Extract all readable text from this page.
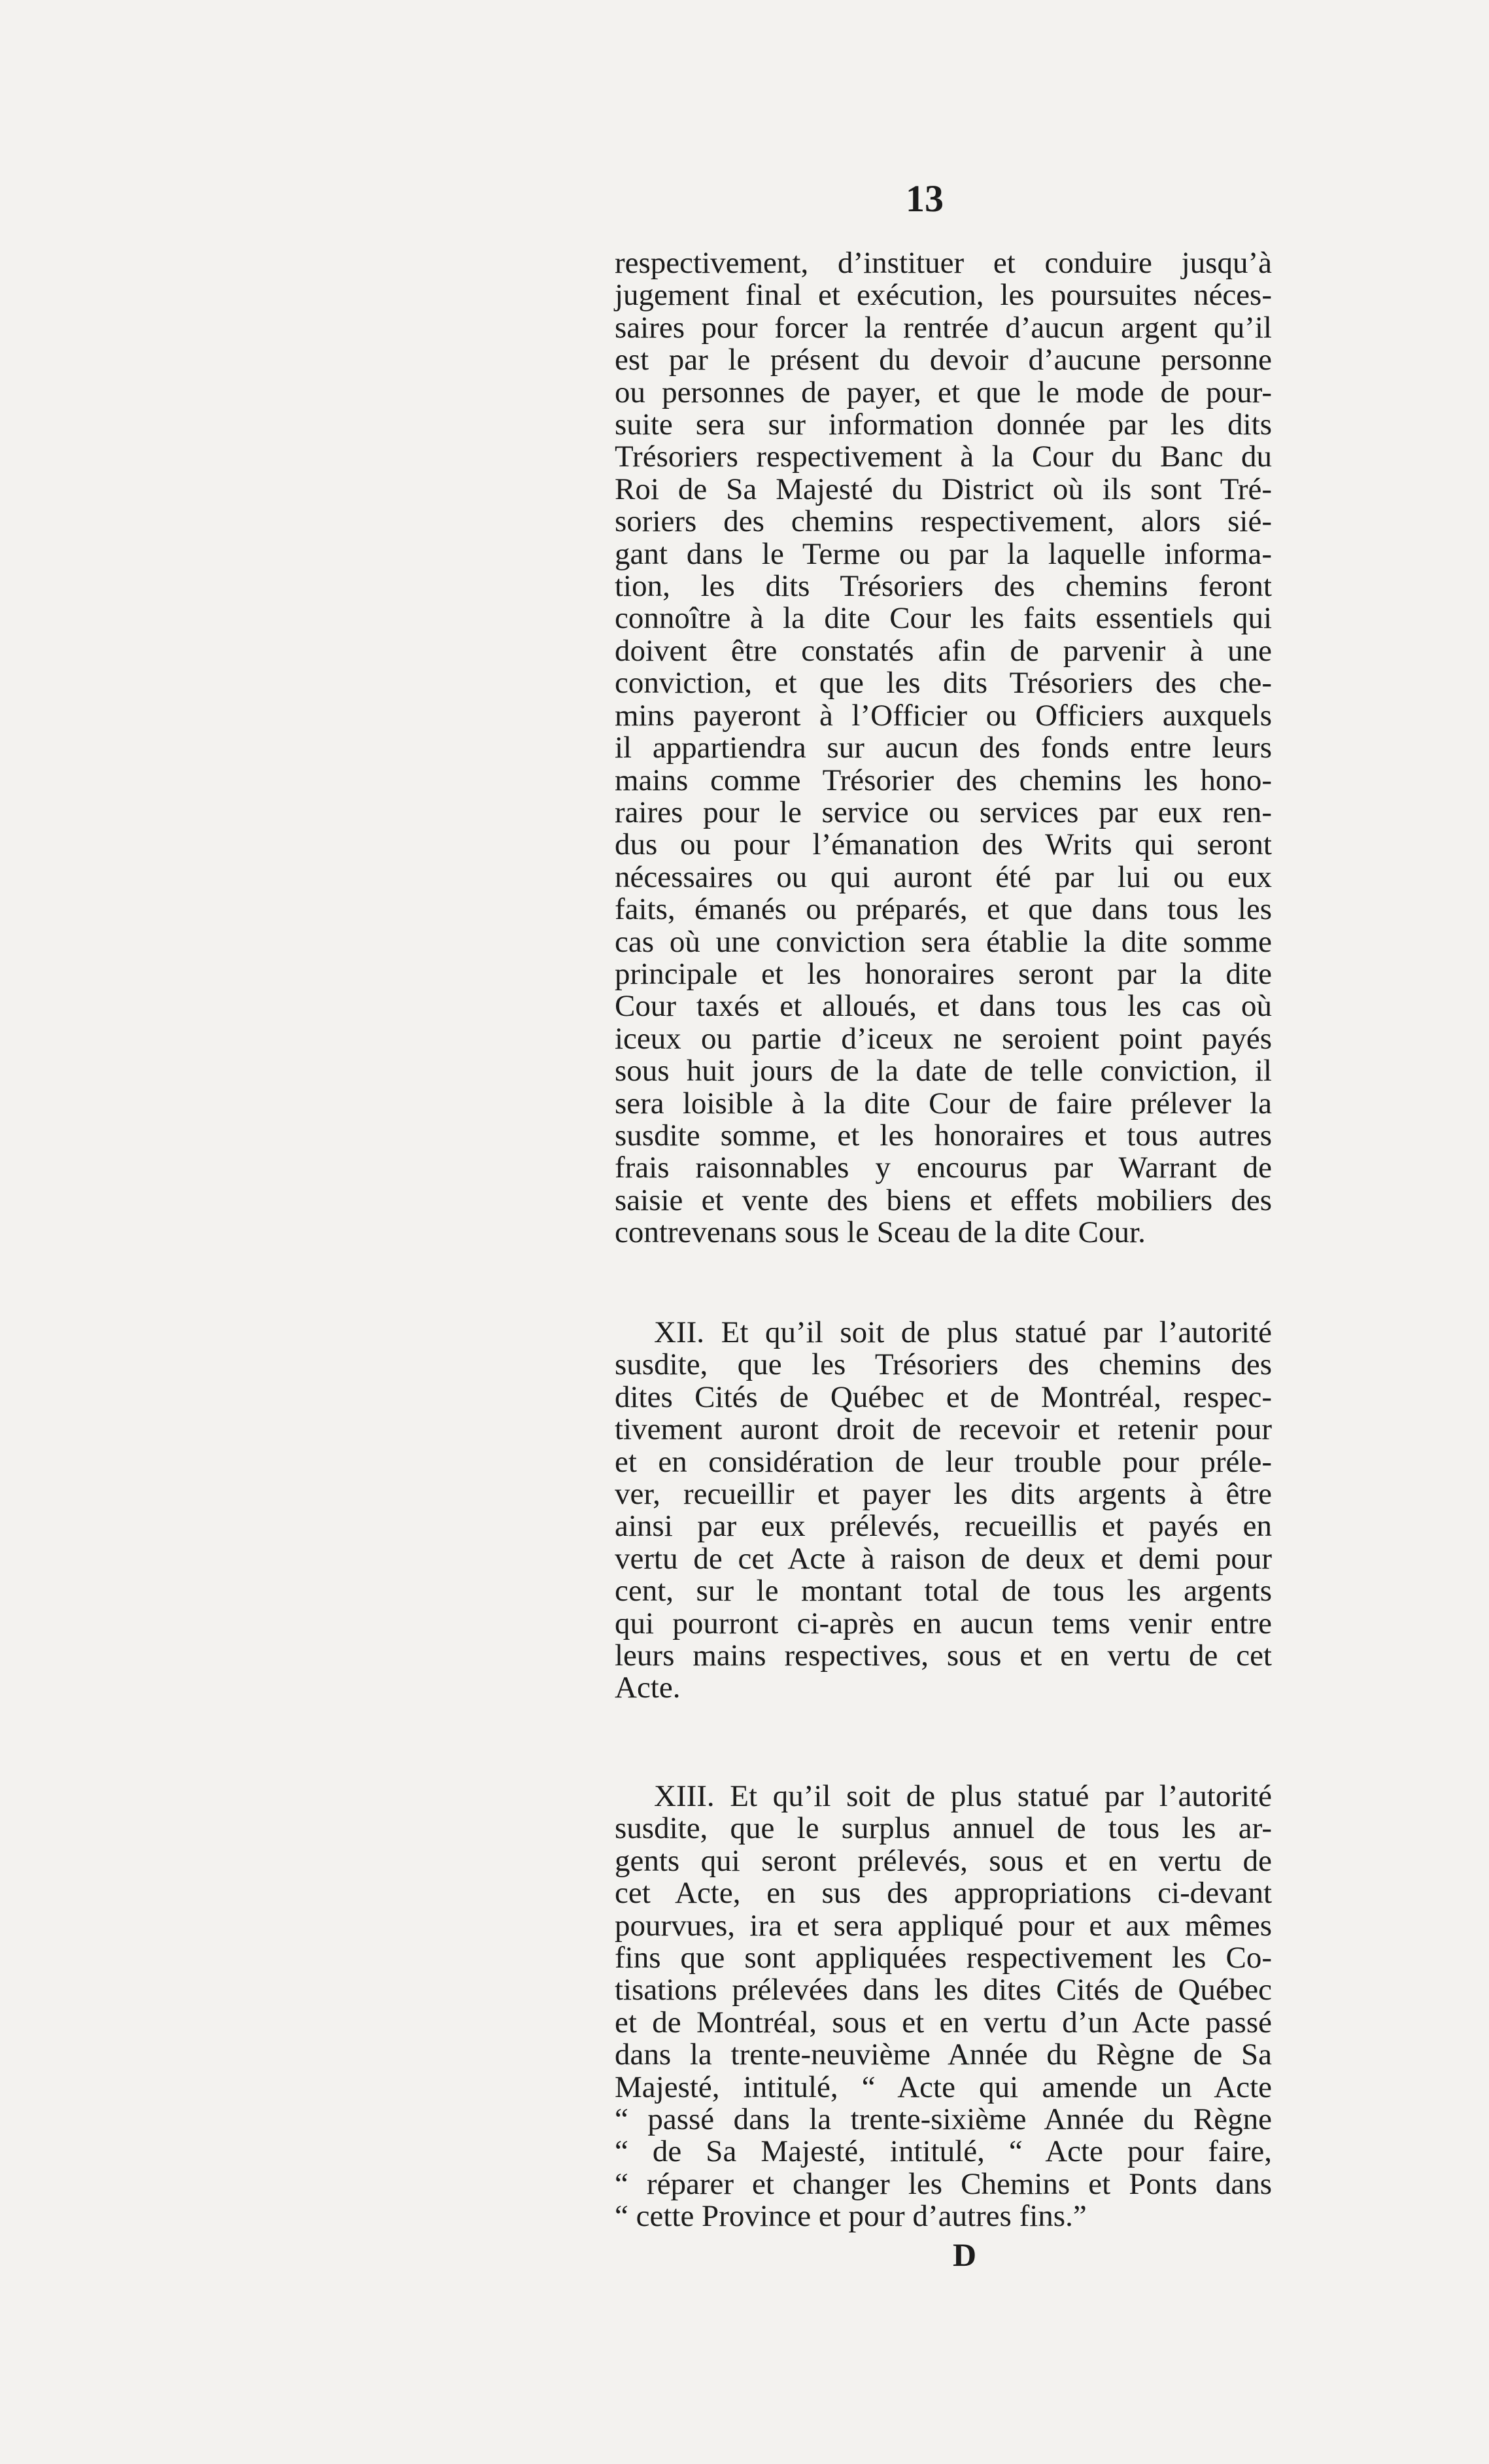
13
respectivement, d’instituer et conduire jusqu’à
jugement final et exécution, les poursuites néces-
saires pour forcer la rentrée d’aucun argent qu’il
est par le présent du devoir d’aucune personne
ou personnes de payer, et que le mode de pour-
suite sera sur information donnée par les dits
Trésoriers respectivement à la Cour du Banc du
Roi de Sa Majesté du District où ils sont Tré-
soriers des chemins respectivement, alors sié-
gant dans le Terme ou par la laquelle informa-
tion, les dits Trésoriers des chemins feront
connoître à la dite Cour les faits essentiels qui
doivent être constatés afin de parvenir à une
conviction, et que les dits Trésoriers des che-
mins payeront à l’Officier ou Officiers auxquels
il appartiendra sur aucun des fonds entre leurs
mains comme Trésorier des chemins les hono-
raires pour le service ou services par eux ren-
dus ou pour l’émanation des Writs qui seront
nécessaires ou qui auront été par lui ou eux
faits, émanés ou préparés, et que dans tous les
cas où une conviction sera établie la dite somme
principale et les honoraires seront par la dite
Cour taxés et alloués, et dans tous les cas où
iceux ou partie d’iceux ne seroient point payés
sous huit jours de la date de telle conviction, il
sera loisible à la dite Cour de faire prélever la
susdite somme, et les honoraires et tous autres
frais raisonnables y encourus par Warrant de
saisie et vente des biens et effets mobiliers des
contrevenans sous le Sceau de la dite Cour.
XII. Et qu’il soit de plus statué par l’autorité
susdite, que les Trésoriers des chemins des
dites Cités de Québec et de Montréal, respec-
tivement auront droit de recevoir et retenir pour
et en considération de leur trouble pour préle-
ver, recueillir et payer les dits argents à être
ainsi par eux prélevés, recueillis et payés en
vertu de cet Acte à raison de deux et demi pour
cent, sur le montant total de tous les argents
qui pourront ci-après en aucun tems venir entre
leurs mains respectives, sous et en vertu de cet
Acte.
XIII. Et qu’il soit de plus statué par l’autorité
susdite, que le surplus annuel de tous les ar-
gents qui seront prélevés, sous et en vertu de
cet Acte, en sus des appropriations ci-devant
pourvues, ira et sera appliqué pour et aux mêmes
fins que sont appliquées respectivement les Co-
tisations prélevées dans les dites Cités de Québec
et de Montréal, sous et en vertu d’un Acte passé
dans la trente-neuvième Année du Règne de Sa
Majesté, intitulé, “ Acte qui amende un Acte
“ passé dans la trente-sixième Année du Règne
“ de Sa Majesté, intitulé, “ Acte pour faire,
“ réparer et changer les Chemins et Ponts dans
“ cette Province et pour d’autres fins.”
D
